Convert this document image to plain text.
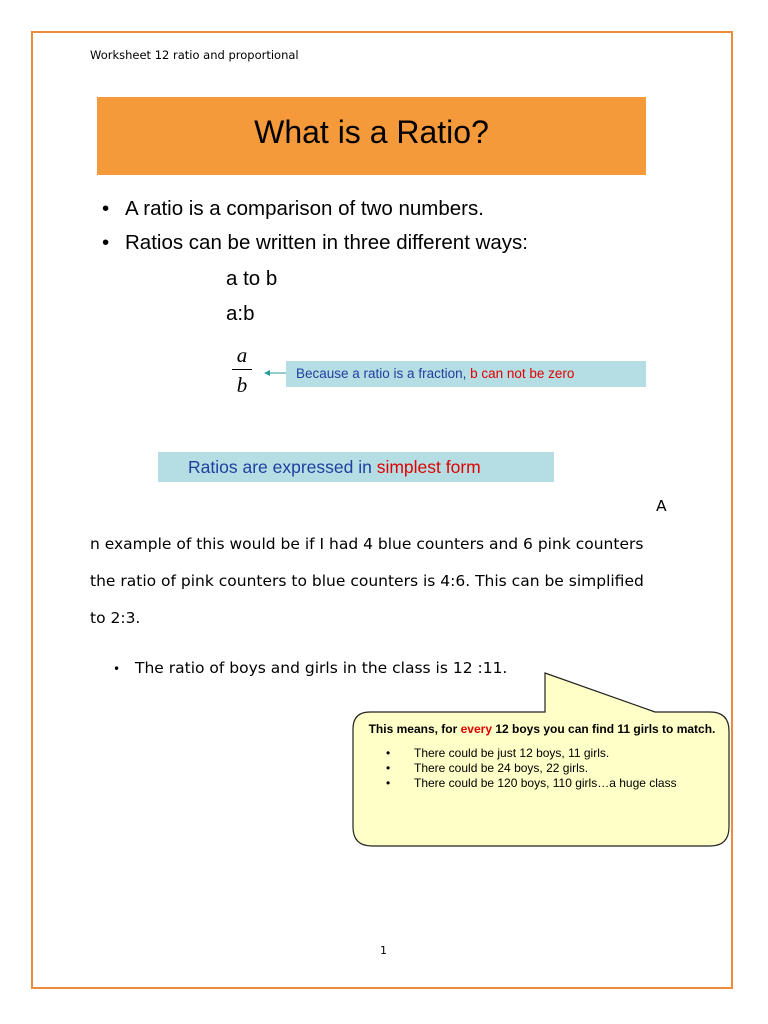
Worksheet 12 ratio and proportional
What is a Ratio?
• A ratio is a comparison of two numbers.
• Ratios can be written in three different ways:
a to b
a:b
a
b	Because a ratio is a fraction, b can not be zero
Ratios are expressed in simplest form
A
n example of this would be if I had 4 blue counters and 6 pink counters
the ratio of pink counters to blue counters is 4:6. This can be simplified
to 2:3.
• The ratio of boys and girls in the class is 12 :11.
This means, for every 12 boys you can find 11 girls to match.
•	There could be just 12 boys, 11 girls.
•	There could be 24 boys, 22 girls.
•	There could be 120 boys, 110 girls…a huge class
1
